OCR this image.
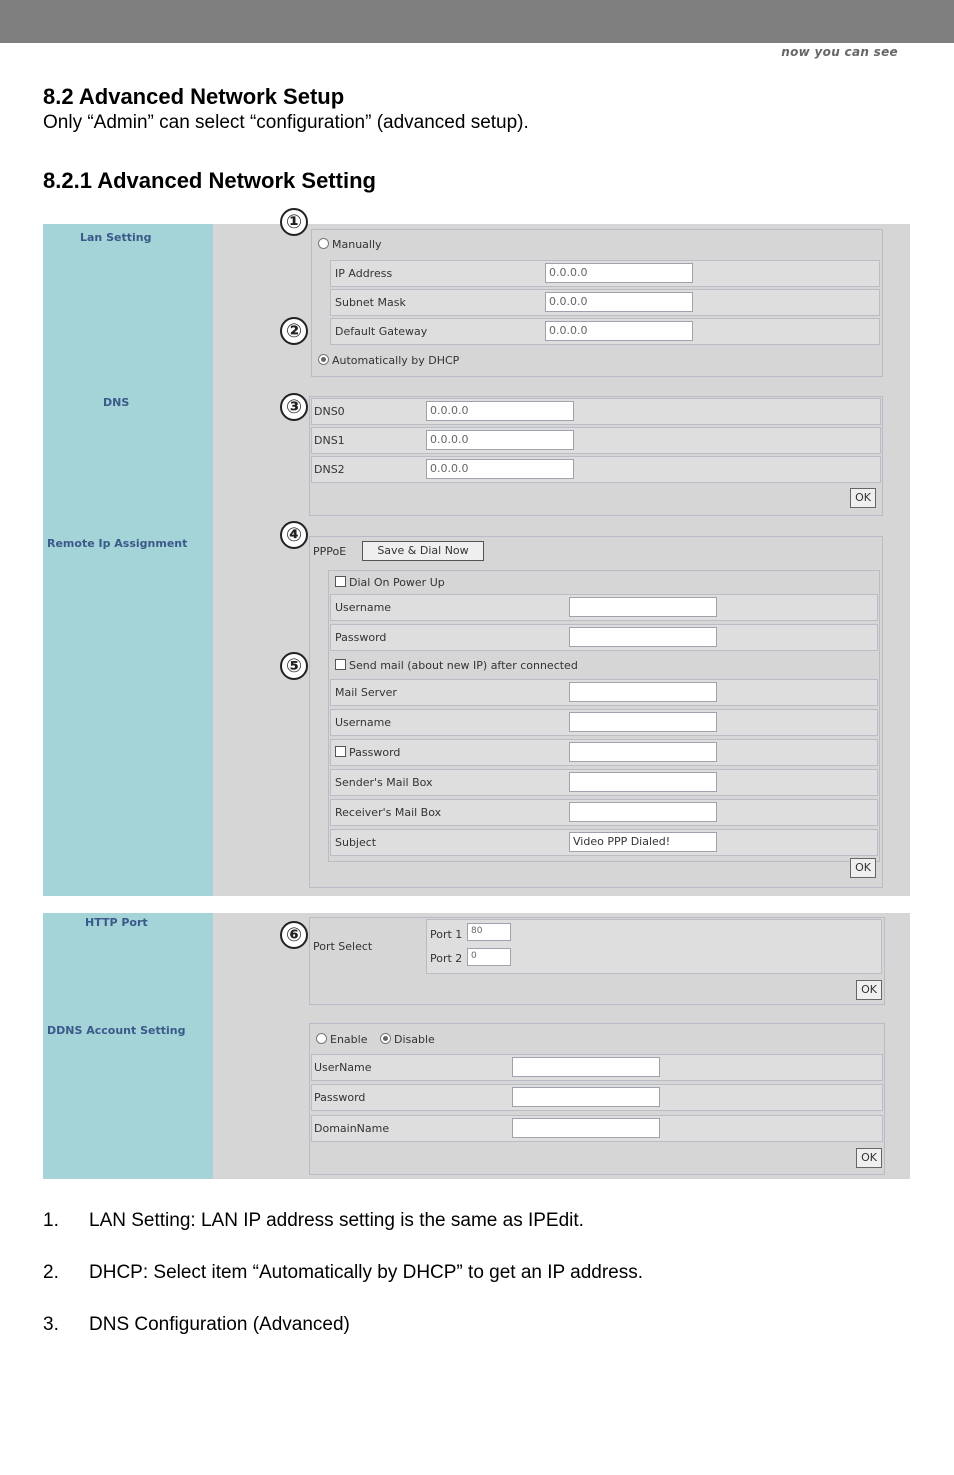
now you can see
8.2 Advanced Network Setup
Only “Admin” can select “configuration” (advanced setup).
8.2.1 Advanced Network Setting
Lan Setting
DNS
Remote Ip Assignment
Manually
IP Address	0.0.0.0
Subnet Mask	0.0.0.0
Default Gateway	0.0.0.0
Automatically by DHCP
DNS0	0.0.0.0
DNS1	0.0.0.0
DNS2	0.0.0.0
OK
PPPoE	Save & Dial Now
Dial On Power Up
Username
Password
Send mail (about new IP) after connected
Mail Server
Username
Password
Sender's Mail Box
Receiver's Mail Box
Subject	Video PPP Dialed!
OK
HTTP Port
DDNS Account Setting
Port Select
Port 1 80
Port 2 0
OK
Enable	Disable
UserName
Password
DomainName
OK
①
②
③
④
⑤
⑥
1. LAN Setting: LAN IP address setting is the same as IPEdit.
2. DHCP: Select item “Automatically by DHCP” to get an IP address.
3. DNS Configuration (Advanced)
